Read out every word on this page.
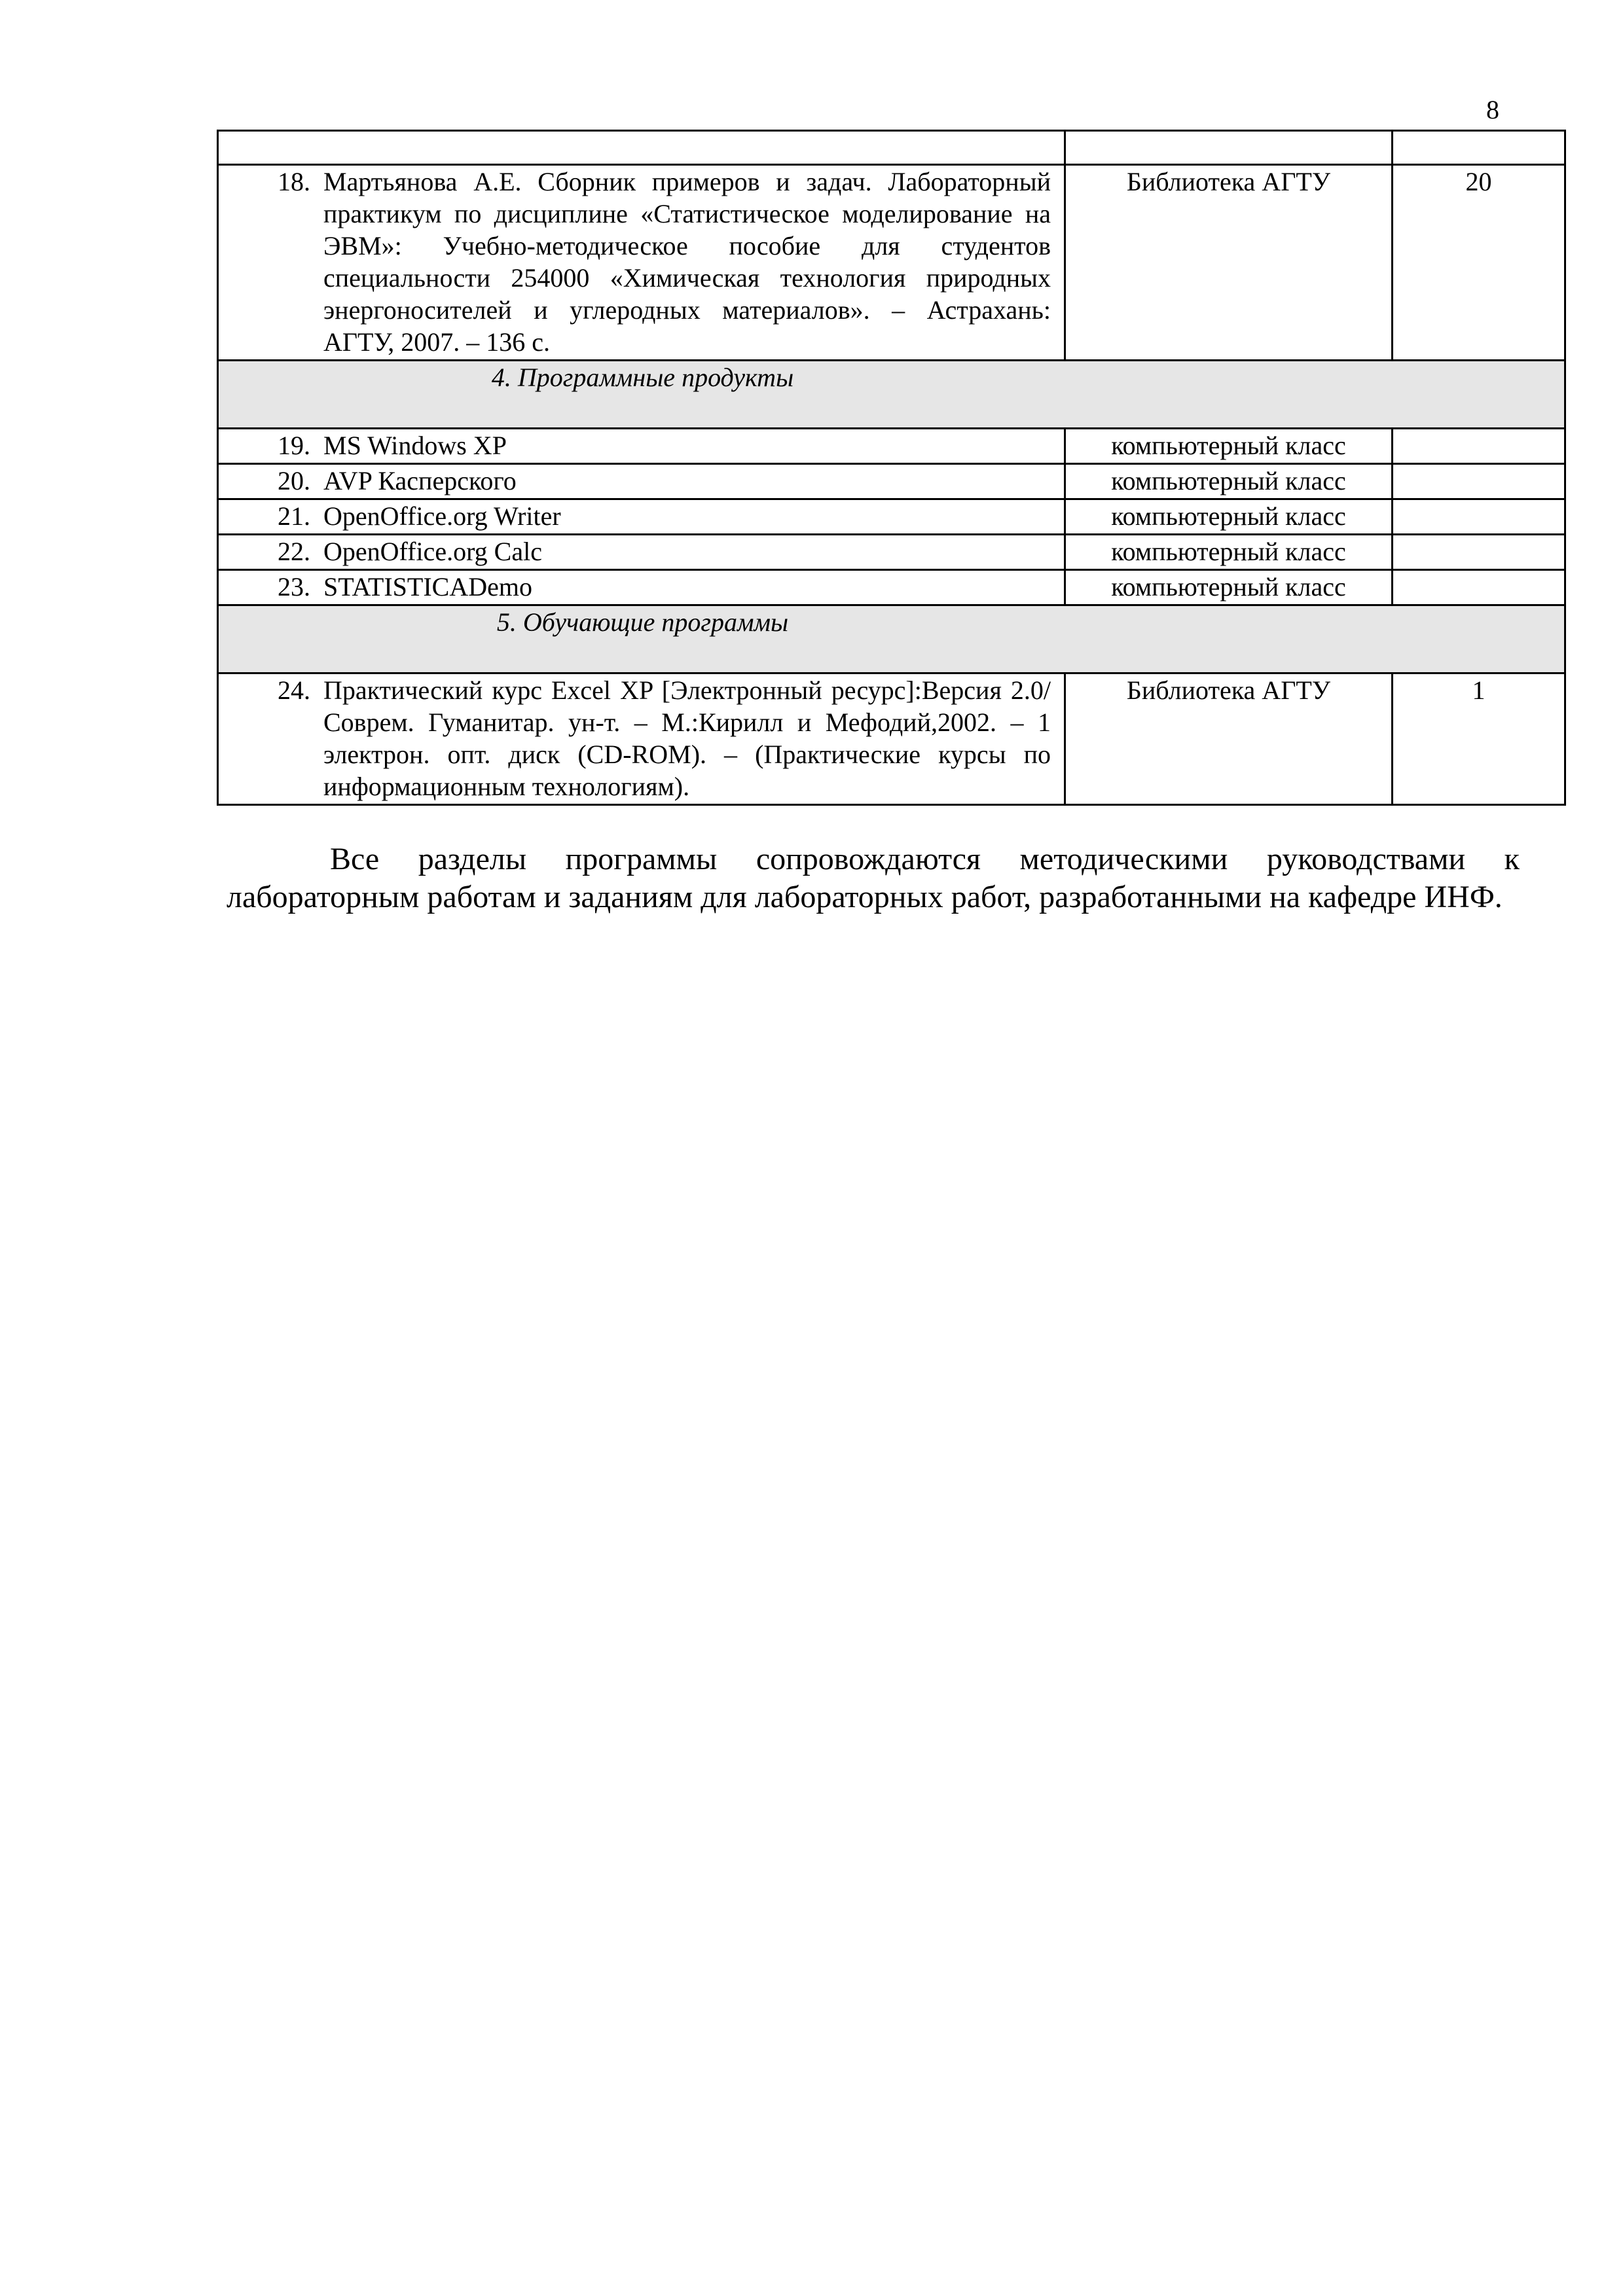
8

18. Мартьянова А.Е. Сборник примеров и задач. Лабораторный практикум по дисциплине «Статистическое моделирование на ЭВМ»: Учебно-методическое пособие для студентов специальности 254000 «Химическая технология природных энергоносителей и углеродных материалов». – Астрахань: АГТУ, 2007. – 136 с.	Библиотека АГТУ	20
4. Программные продукты		

19. MS Windows XP	компьютерный класс	

20. AVP Касперского	компьютерный класс	

21. OpenOffice.org Writer	компьютерный класс	

22. OpenOffice.org Calc	компьютерный класс	

23. STATISTICADemo	компьютерный класс	
5. Обучающие программы		

24. Практический курс Excel XP [Электронный ресурс]:Версия 2.0/ Соврем. Гуманитар. ун-т. – М.:Кирилл и Мефодий,2002. – 1 электрон. опт. диск (CD-ROM). – (Практические курсы по информационным технологиям).	Библиотека АГТУ	1
Все разделы программы сопровождаются методическими руководствами к лабораторным работам и заданиям для лабораторных работ, разработанными на кафедре ИНФ.
